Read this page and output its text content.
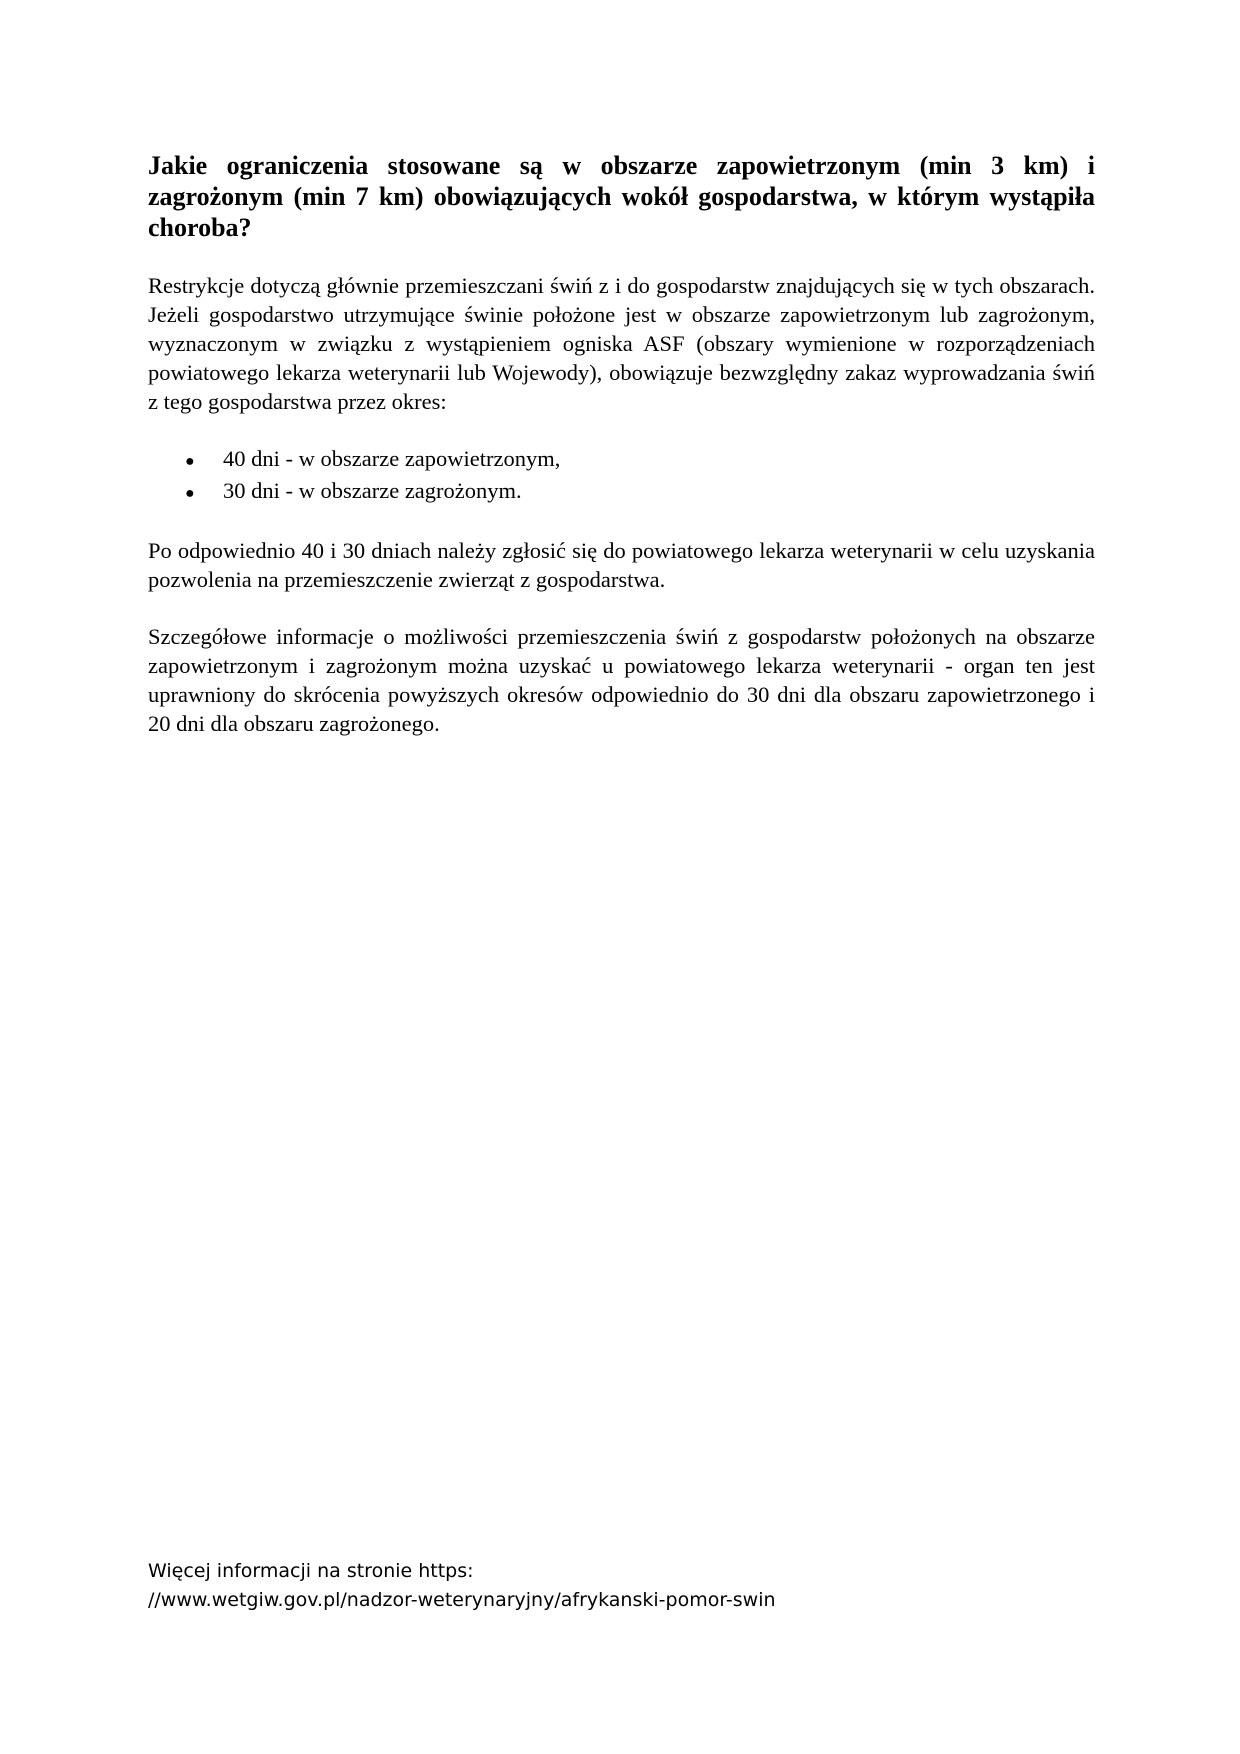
Jakie ograniczenia stosowane są w obszarze zapowietrzonym (min 3 km) i zagrożonym (min 7 km) obowiązujących wokół gospodarstwa, w którym wystąpiła choroba?

Restrykcje dotyczą głównie przemieszczani świń z i do gospodarstw znajdujących się w tych obszarach. Jeżeli gospodarstwo utrzymujące świnie położone jest w obszarze zapowietrzonym lub zagrożonym, wyznaczonym w związku z wystąpieniem ogniska ASF (obszary wymienione w rozporządzeniach powiatowego lekarza weterynarii lub Wojewody), obowiązuje bezwzględny zakaz wyprowadzania świń z tego gospodarstwa przez okres:

●	40 dni - w obszarze zapowietrzonym,
●	30 dni - w obszarze zagrożonym.

Po odpowiednio 40 i 30 dniach należy zgłosić się do powiatowego lekarza weterynarii w celu uzyskania pozwolenia na przemieszczenie zwierząt z gospodarstwa.

Szczegółowe informacje o możliwości przemieszczenia świń z gospodarstw położonych na obszarze zapowietrzonym i zagrożonym można uzyskać u powiatowego lekarza weterynarii - organ ten jest uprawniony do skrócenia powyższych okresów odpowiednio do 30 dni dla obszaru zapowietrzonego i 20 dni dla obszaru zagrożonego.

Więcej informacji na stronie https:
//www.wetgiw.gov.pl/nadzor-weterynaryjny/afrykanski-pomor-swin
